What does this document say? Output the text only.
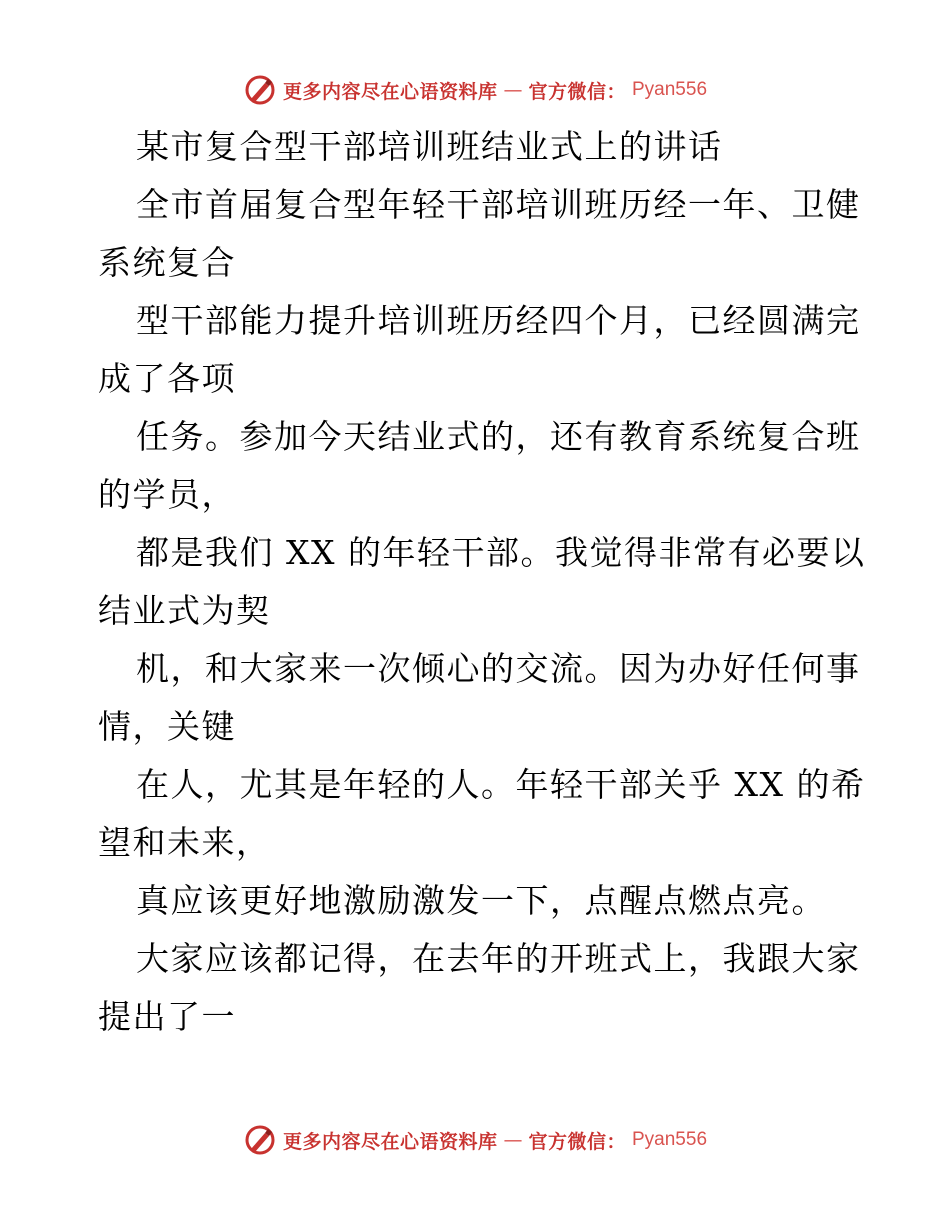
更多内容尽在心语资料库 — 官方微信： Pyan556
某市复合型干部培训班结业式上的讲话
全市首届复合型年轻干部培训班历经一年、卫健
系统复合
型干部能力提升培训班历经四个月，已经圆满完
成了各项
任务。参加今天结业式的，还有教育系统复合班
的学员，
都是我们 XX 的年轻干部。我觉得非常有必要以
结业式为契
机，和大家来一次倾心的交流。因为办好任何事
情，关键
在人，尤其是年轻的人。年轻干部关乎 XX 的希
望和未来，
真应该更好地激励激发一下，点醒点燃点亮。
大家应该都记得，在去年的开班式上，我跟大家
提出了一
更多内容尽在心语资料库 — 官方微信： Pyan556
